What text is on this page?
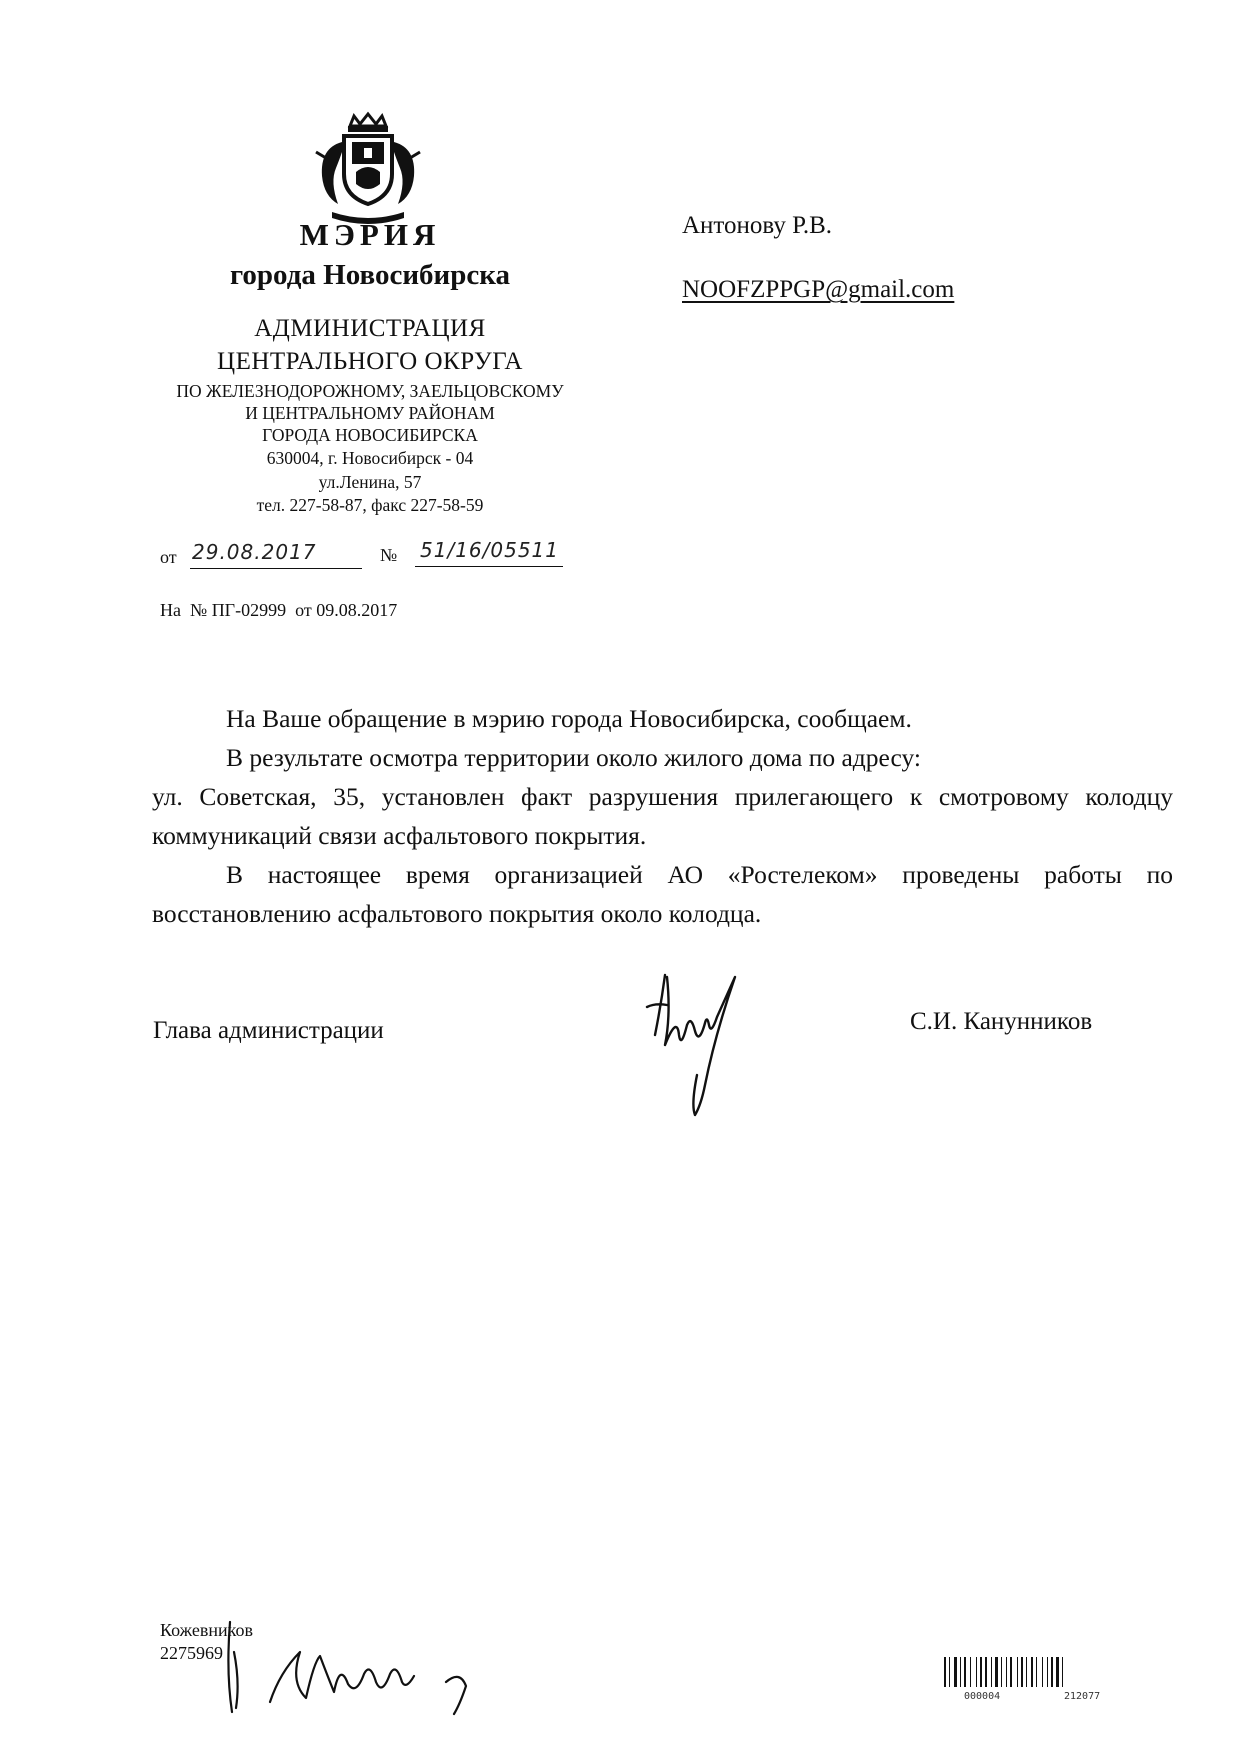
МЭРИЯ
города Новосибирска
АДМИНИСТРАЦИЯ
ЦЕНТРАЛЬНОГО ОКРУГА
ПО ЖЕЛЕЗНОДОРОЖНОМУ, ЗАЕЛЬЦОВСКОМУ
И ЦЕНТРАЛЬНОМУ РАЙОНАМ
ГОРОДА НОВОСИБИРСКА
630004, г. Новосибирск - 04
ул.Ленина, 57
тел. 227-58-87, факс 227-58-59
Антонову Р.В.
NOOFZPPGP@gmail.com
от 29.08.2017	№ 51/16/05511
На № ПГ-02999 от 09.08.2017

На Ваше обращение в мэрию города Новосибирска, сообщаем.

В результате осмотра территории около жилого дома по адресу:

ул. Советская, 35, установлен факт разрушения прилегающего к смотровому колодцу коммуникаций связи асфальтового покрытия.

В настоящее время организацией АО «Ростелеком» проведены работы по восстановлению асфальтового покрытия около колодца.

Глава администрации	С.И. Канунников
Кожевников
2275969
000004	212077
